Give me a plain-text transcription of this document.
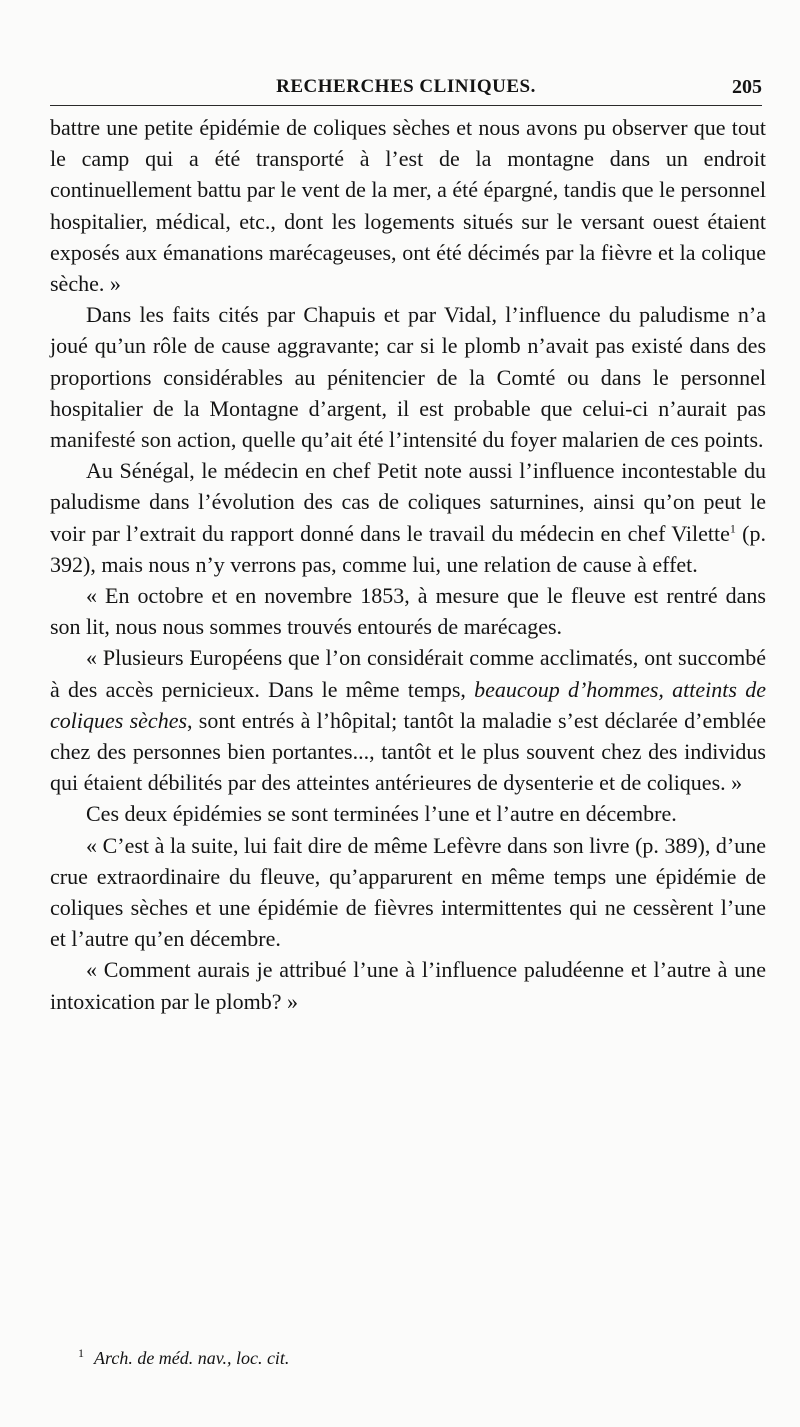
RECHERCHES CLINIQUES.	205

battre une petite épidémie de coliques sèches et nous avons pu observer que tout le camp qui a été transporté à l’est de la montagne dans un endroit continuellement battu par le vent de la mer, a été épargné, tandis que le personnel hospitalier, médical, etc., dont les logements situés sur le versant ouest étaient exposés aux émanations marécageuses, ont été décimés par la fièvre et la colique sèche. »

Dans les faits cités par Chapuis et par Vidal, l’influence du paludisme n’a joué qu’un rôle de cause aggravante; car si le plomb n’avait pas existé dans des proportions considérables au pénitencier de la Comté ou dans le personnel hospitalier de la Montagne d’argent, il est probable que celui-ci n’aurait pas manifesté son action, quelle qu’ait été l’intensité du foyer malarien de ces points.

Au Sénégal, le médecin en chef Petit note aussi l’influence incontestable du paludisme dans l’évolution des cas de coliques saturnines, ainsi qu’on peut le voir par l’extrait du rapport donné dans le travail du médecin en chef Vilette$^1$ (p. 392), mais nous n’y verrons pas, comme lui, une relation de cause à effet.

« En octobre et en novembre 1853, à mesure que le fleuve est rentré dans son lit, nous nous sommes trouvés entourés de marécages.

« Plusieurs Européens que l’on considérait comme acclimatés, ont succombé à des accès pernicieux. Dans le même temps, beaucoup d’hommes, atteints de coliques sèches, sont entrés à l’hôpital; tantôt la maladie s’est déclarée d’emblée chez des personnes bien portantes..., tantôt et le plus souvent chez des individus qui étaient débilités par des atteintes antérieures de dysenterie et de coliques. »

Ces deux épidémies se sont terminées l’une et l’autre en décembre.

« C’est à la suite, lui fait dire de même Lefèvre dans son livre (p. 389), d’une crue extraordinaire du fleuve, qu’apparurent en même temps une épidémie de coliques sèches et une épidémie de fièvres intermittentes qui ne cessèrent l’une et l’autre qu’en décembre.

« Comment aurais je attribué l’une à l’influence paludéenne et l’autre à une intoxication par le plomb? »

$^1$ Arch. de méd. nav., loc. cit.
